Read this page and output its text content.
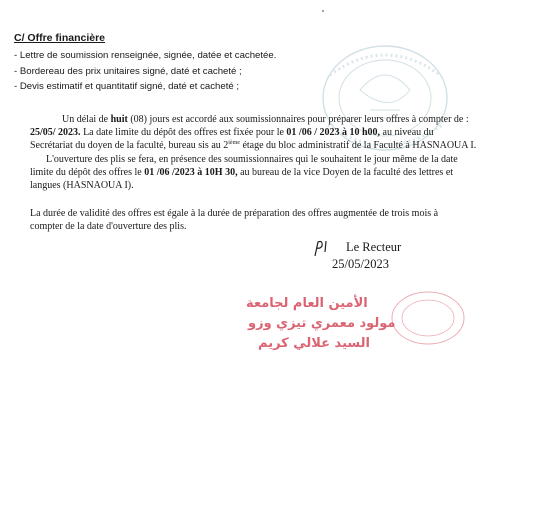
C/ Offre financière
- Lettre de soumission renseignée, signée, datée et cachetée.
- Bordereau des prix unitaires signé, daté et cacheté ;
- Devis estimatif et quantitatif signé, daté et cacheté ;
Un délai de huit (08) jours est accordé aux soumissionnaires pour préparer leurs offres à compter de :
25/05/ 2023. La date limite du dépôt des offres est fixée pour le 01 /06 / 2023 à 10 h00, au niveau du
Secrétariat du doyen de la faculté, bureau sis au 2ième étage du bloc administratif de la Faculté à HASNAOUA I.
L'ouverture des plis se fera, en présence des soumissionnaires qui le souhaitent le jour même de la date
limite du dépôt des offres le 01 /06 /2023 à 10H 30, au bureau de la vice Doyen de la faculté des lettres et
langues (HASNAOUA I).
La durée de validité des offres est égale à la durée de préparation des offres augmentée de trois mois à
compter de la date d'ouverture des plis.
Le Recteur
25/05/2023
الأمين العام لجامعة
مولود معمري تيزي وزو
السيد علالي كريم
